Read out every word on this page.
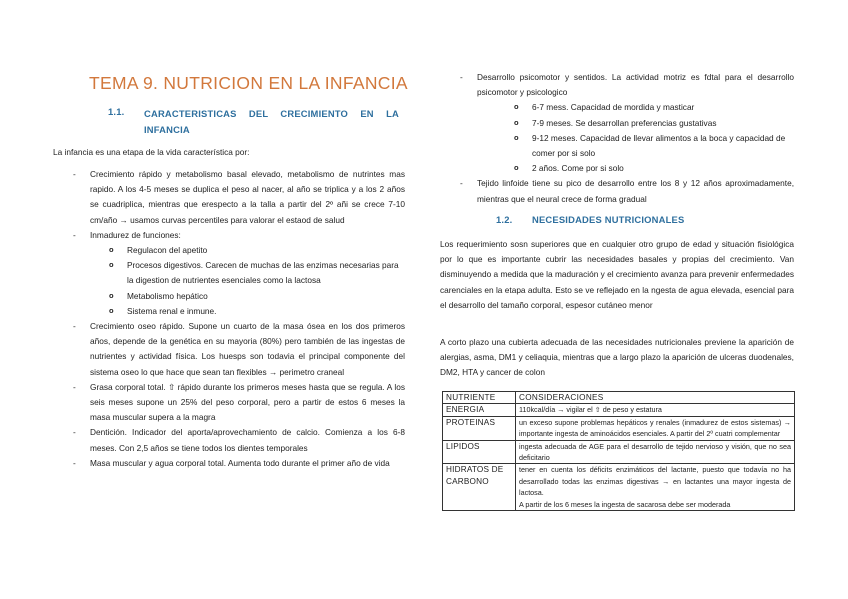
TEMA 9. NUTRICION EN LA INFANCIA
1.1. CARACTERISTICAS DEL CRECIMIENTO EN LA INFANCIA
La infancia es una etapa de la vida característica por:
- Crecimiento rápido y metabolismo basal elevado, metabolismo de nutrintes mas rapido. A los 4-5 meses se duplica el peso al nacer, al año se triplica y a los 2 años se cuadriplica, mientras que erespecto a la talla a partir del 2º añi se crece 7-10 cm/año → usamos curvas percentiles para valorar el estaod de salud
- Inmadurez de funciones:
o Regulacon del apetito
o Procesos digestivos. Carecen de muchas de las enzimas necesarias para la digestion de nutrientes esenciales como la lactosa
o Metabolismo hepático
o Sistema renal e inmune.
- Crecimiento oseo rápido. Supone un cuarto de la masa ósea en los dos primeros años, depende de la genética en su mayoria (80%) pero también de las ingestas de nutrientes y actividad física. Los huesps son todavia el principal componente del sistema oseo lo que hace que sean tan flexibles → perimetro craneal
- Grasa corporal total. ⇧ rápido durante los primeros meses hasta que se regula. A los seis meses supone un 25% del peso corporal, pero a partir de estos 6 meses la masa muscular supera a la magra
- Dentición. Indicador del aporta/aprovechamiento de calcio. Comienza a los 6-8 meses. Con 2,5 años se tiene todos los dientes temporales
- Masa muscular y agua corporal total. Aumenta todo durante el primer año de vida
- Desarrollo psicomotor y sentidos. La actividad motriz es fdtal para el desarrollo psicomotor y psicologico
o 6-7 mess. Capacidad de mordida y masticar
o 7-9 meses. Se desarrollan preferencias gustativas
o 9-12 meses. Capacidad de llevar alimentos a la boca y capacidad de comer por si solo
o 2 años. Come por si solo
- Tejido linfoide tiene su pico de desarrollo entre los 8 y 12 años aproximadamente, mientras que el neural crece de forma gradual
1.2. NECESIDADES NUTRICIONALES
Los requerimiento sosn superiores que en cualquier otro grupo de edad y situación fisiológica por lo que es importante cubrir las necesidades basales y propias del crecimiento. Van disminuyendo a medida que la maduración y el crecimiento avanza para prevenir enfermedades carenciales en la etapa adulta. Esto se ve reflejado en la ngesta de agua elevada, esencial para el desarrollo del tamaño corporal, espesor cutáneo menor
A corto plazo una cubierta adecuada de las necesidades nutricionales previene la aparición de alergias, asma, DM1 y celiaquia, mientras que a largo plazo la aparición de ulceras duodenales, DM2, HTA y cancer de colon
NUTRIENTE	CONSIDERACIONES
ENERGIA	110kcal/día → vigilar el ⇧ de peso y estatura
PROTEINAS	un exceso supone problemas hepáticos y renales (inmadurez de estos sistemas) → importante ingesta de aminoácidos esenciales. A partir del 2º cuatri complementar
LIPIDOS	ingesta adecuada de AGE para el desarrollo de tejido nervioso y visión, que no sea deficitario
HIDRATOS DE CARBONO	tener en cuenta los déficits enzimáticos del lactante, puesto que todavía no ha desarrollado todas las enzimas digestivas → en lactantes una mayor ingesta de lactosa.
A partir de los 6 meses la ingesta de sacarosa debe ser moderada
